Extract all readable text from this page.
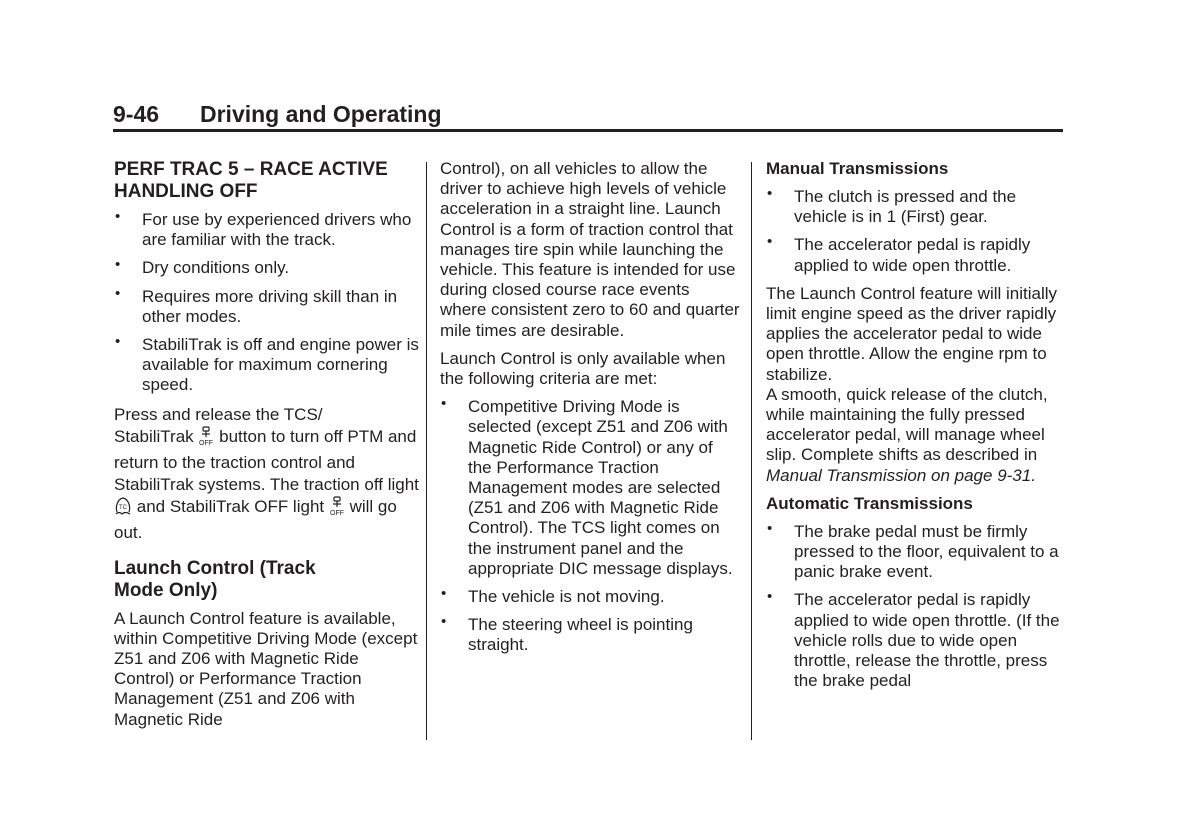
9-46 Driving and Operating
PERF TRAC 5 – RACE ACTIVE
HANDLING OFF
• For use by experienced drivers who are familiar with the track.
• Dry conditions only.
• Requires more driving skill than in other modes.
• StabiliTrak is off and engine power is available for maximum cornering speed.

Press and release the TCS/
StabiliTrak OFF button to turn off PTM and return to the traction control and StabiliTrak systems. The traction off light
TC and StabiliTrak OFF light OFF will go out.

Launch Control (Track
Mode Only)

A Launch Control feature is available, within Competitive Driving Mode (except Z51 and Z06 with Magnetic Ride Control) or Performance Traction Management (Z51 and Z06 with Magnetic Ride

Control), on all vehicles to allow the driver to achieve high levels of vehicle acceleration in a straight line. Launch Control is a form of traction control that manages tire spin while launching the vehicle. This feature is intended for use during closed course race events where consistent zero to 60 and quarter mile times are desirable.

Launch Control is only available when the following criteria are met:

• Competitive Driving Mode is selected (except Z51 and Z06 with Magnetic Ride Control) or any of the Performance Traction Management modes are selected (Z51 and Z06 with Magnetic Ride Control). The TCS light comes on the instrument panel and the appropriate DIC message displays.
• The vehicle is not moving.
• The steering wheel is pointing straight.
Manual Transmissions
• The clutch is pressed and the vehicle is in 1 (First) gear.
• The accelerator pedal is rapidly applied to wide open throttle.

The Launch Control feature will initially limit engine speed as the driver rapidly applies the accelerator pedal to wide open throttle. Allow the engine rpm to stabilize.

A smooth, quick release of the clutch, while maintaining the fully pressed accelerator pedal, will manage wheel slip. Complete shifts as described in Manual Transmission on page 9-31.

Automatic Transmissions
• The brake pedal must be firmly pressed to the floor, equivalent to a panic brake event.
• The accelerator pedal is rapidly applied to wide open throttle. (If the vehicle rolls due to wide open throttle, release the throttle, press the brake pedal
